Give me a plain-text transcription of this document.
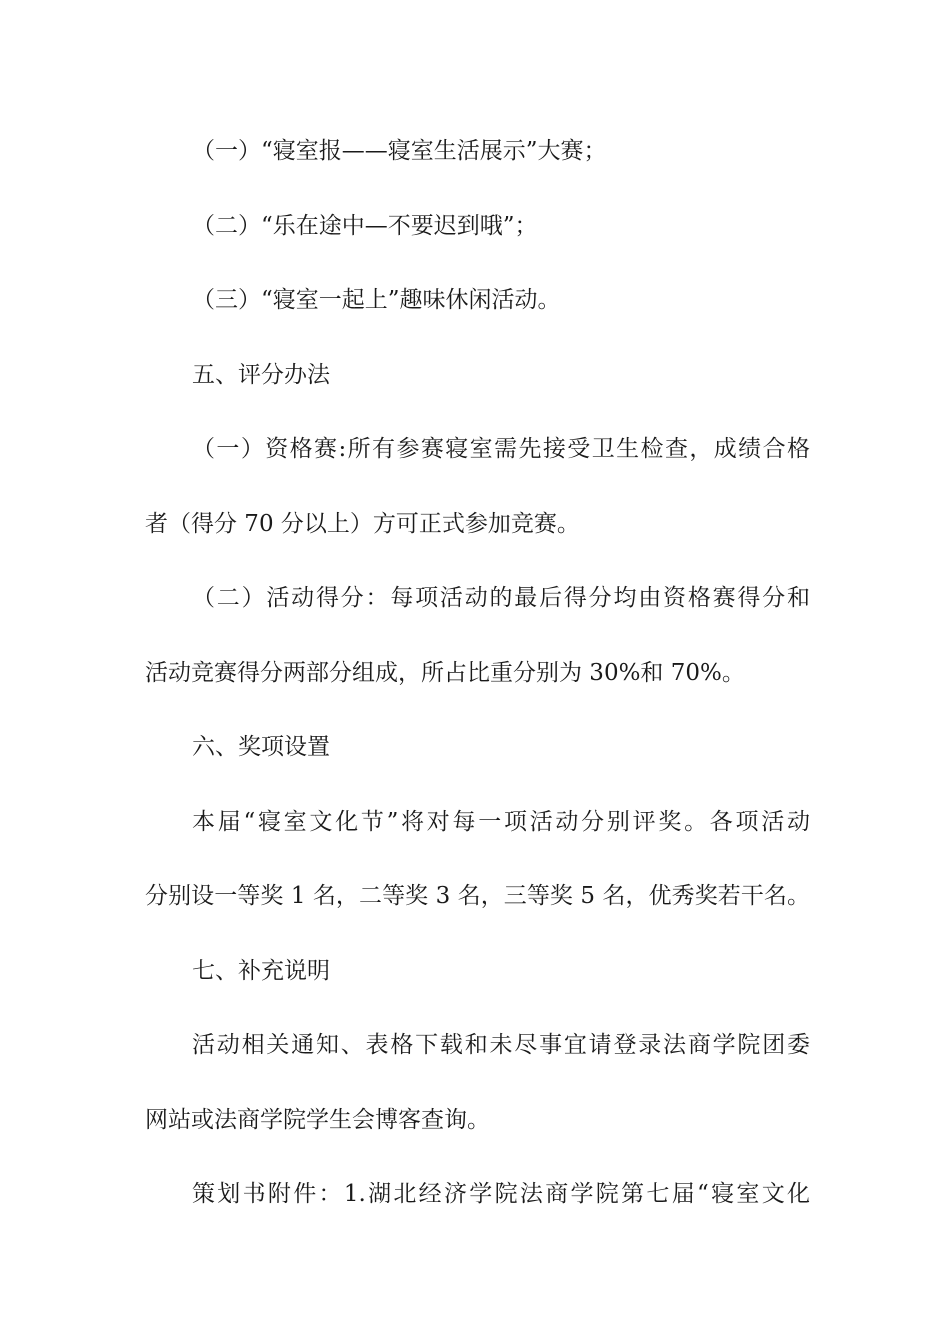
（一）“寝室报——寝室生活展示”大赛；
（二）“乐在途中—不要迟到哦”；
（三）“寝室一起上”趣味休闲活动。
五、评分办法
（一）资格赛:所有参赛寝室需先接受卫生检查，成绩合格
者（得分 70 分以上）方可正式参加竞赛。
（二）活动得分：每项活动的最后得分均由资格赛得分和
活动竞赛得分两部分组成，所占比重分别为 30%和 70%。
六、奖项设置
本届“寝室文化节”将对每一项活动分别评奖。各项活动
分别设一等奖 1 名，二等奖 3 名，三等奖 5 名，优秀奖若干名。
七、补充说明
活动相关通知、表格下载和未尽事宜请登录法商学院团委
网站或法商学院学生会博客查询。
策划书附件：1.湖北经济学院法商学院第七届“寝室文化
